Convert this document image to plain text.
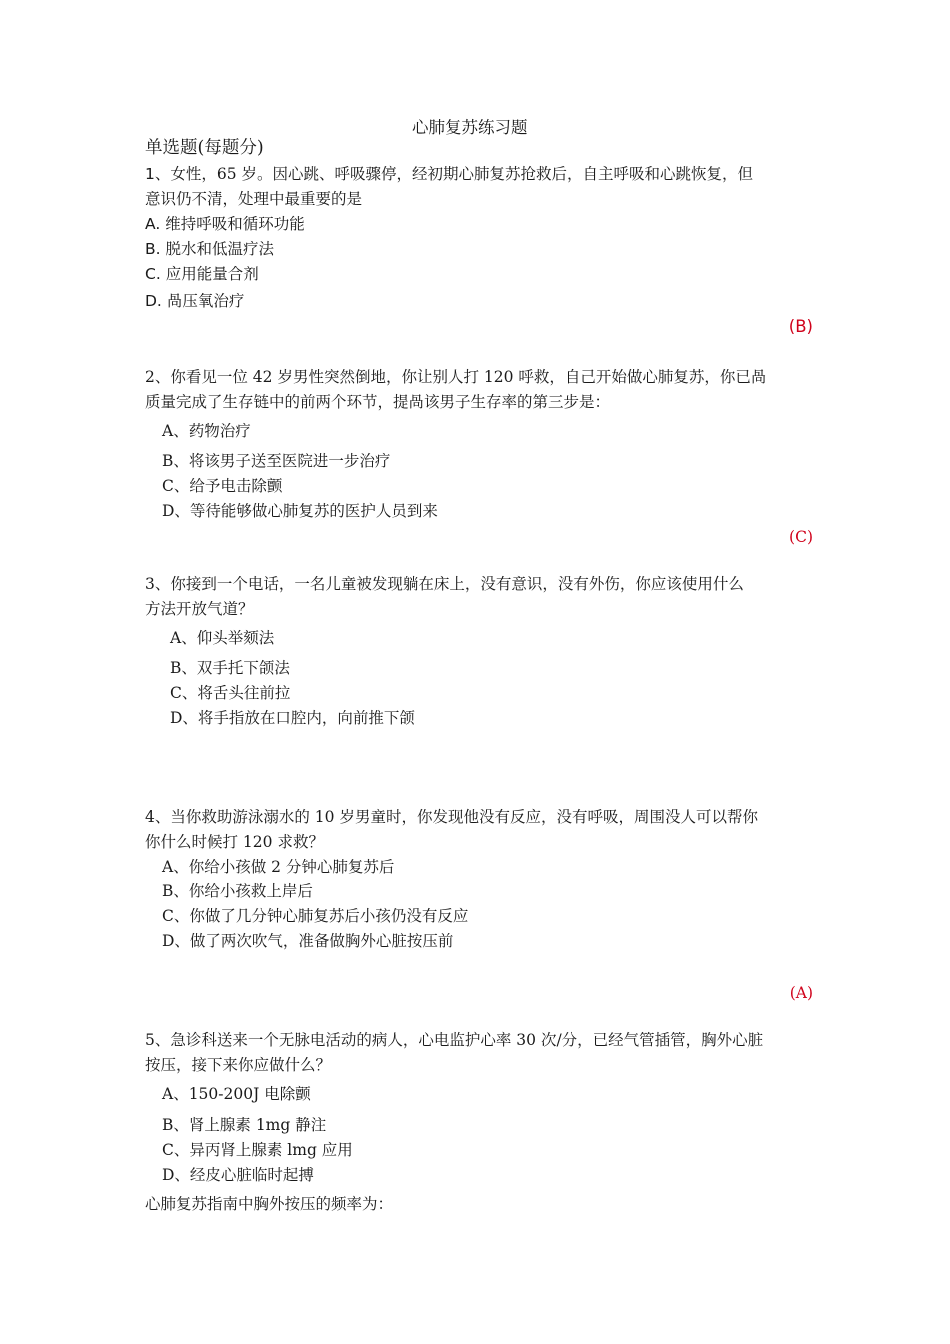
心肺复苏练习题
单选题(每题分)
1、女性，65 岁。因心跳、呼吸骤停，经初期心肺复苏抢救后，自主呼吸和心跳恢复，但
意识仍不清，处理中最重要的是
A. 维持呼吸和循环功能
B. 脱水和低温疗法
C. 应用能量合剂
D. 咼压氧治疗
(B)
2、你看见一位 42 岁男性突然倒地，你让别人打 120 呼救，自己开始做心肺复苏，你已咼
质量完成了生存链中的前两个环节，提咼该男子生存率的第三步是：
A、药物治疗
B、将该男子送至医院进一步治疗
C、给予电击除颤
D、等待能够做心肺复苏的医护人员到来
(C)
3、你接到一个电话，一名儿童被发现躺在床上，没有意识，没有外伤，你应该使用什么
方法开放气道？
A、仰头举颏法
B、双手托下颌法
C、将舌头往前拉
D、将手指放在口腔内，向前推下颌
4、当你救助游泳溺水的 10 岁男童时，你发现他没有反应，没有呼吸，周围没人可以帮你
你什么时候打 120 求救？
A、你给小孩做 2 分钟心肺复苏后
B、你给小孩救上岸后
C、你做了几分钟心肺复苏后小孩仍没有反应
D、做了两次吹气，准备做胸外心脏按压前
(A)
5、急诊科送来一个无脉电活动的病人，心电监护心率 30 次/分，已经气管插管，胸外心脏
按压，接下来你应做什么？
A、150-200J 电除颤
B、肾上腺素 1mg 静注
C、异丙肾上腺素 lmg 应用
D、经皮心脏临时起搏
心肺复苏指南中胸外按压的频率为：
